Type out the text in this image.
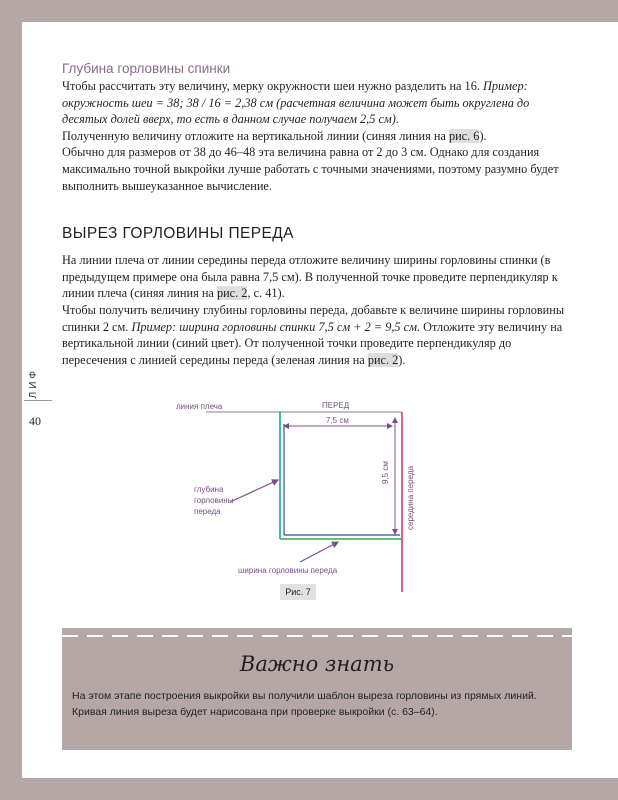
ЛИФ
40
Глубина горловины спинки

Чтобы рассчитать эту величину, мерку окружности шеи нужно разделить на 16. Пример: окружность шеи = 38; 38 / 16 = 2,38 см (расчетная величина может быть округлена до десятых долей вверх, то есть в данном случае получаем 2,5 см).

Полученную величину отложите на вертикальной линии (синяя линия на рис. 6).

Обычно для размеров от 38 до 46–48 эта величина равна от 2 до 3 см. Однако для создания максимально точной выкройки лучше работать с точными значениями, поэтому разумно будет выполнить вышеуказанное вычисление.

ВЫРЕЗ ГОРЛОВИНЫ ПЕРЕДА

На линии плеча от линии середины переда отложите величину ширины горловины спинки (в предыдущем примере она была равна 7,5 см). В полученной точке проведите перпендикуляр к линии плеча (синяя линия на рис. 2, с. 41).

Чтобы получить величину глубины горловины переда, добавьте к величине ширины горловины спинки 2 см. Пример: ширина горловины спинки 7,5 см + 2 = 9,5 см. Отложите эту величину на вертикальной линии (синий цвет). От полученной точки проведите перпендикуляр до пересечения с линией середины переда (зеленая линия на рис. 2).

линия плеча	ПЕРЕД
7,5 см
9,5 см середина переда
глубина
горловины
переда
ширина горловины переда
Рис. 7
Важно знать
На этом этапе построения выкройки вы получили шаблон выреза горловины из прямых линий. Кривая линия выреза будет нарисована при проверке выкройки (с. 63–64).
